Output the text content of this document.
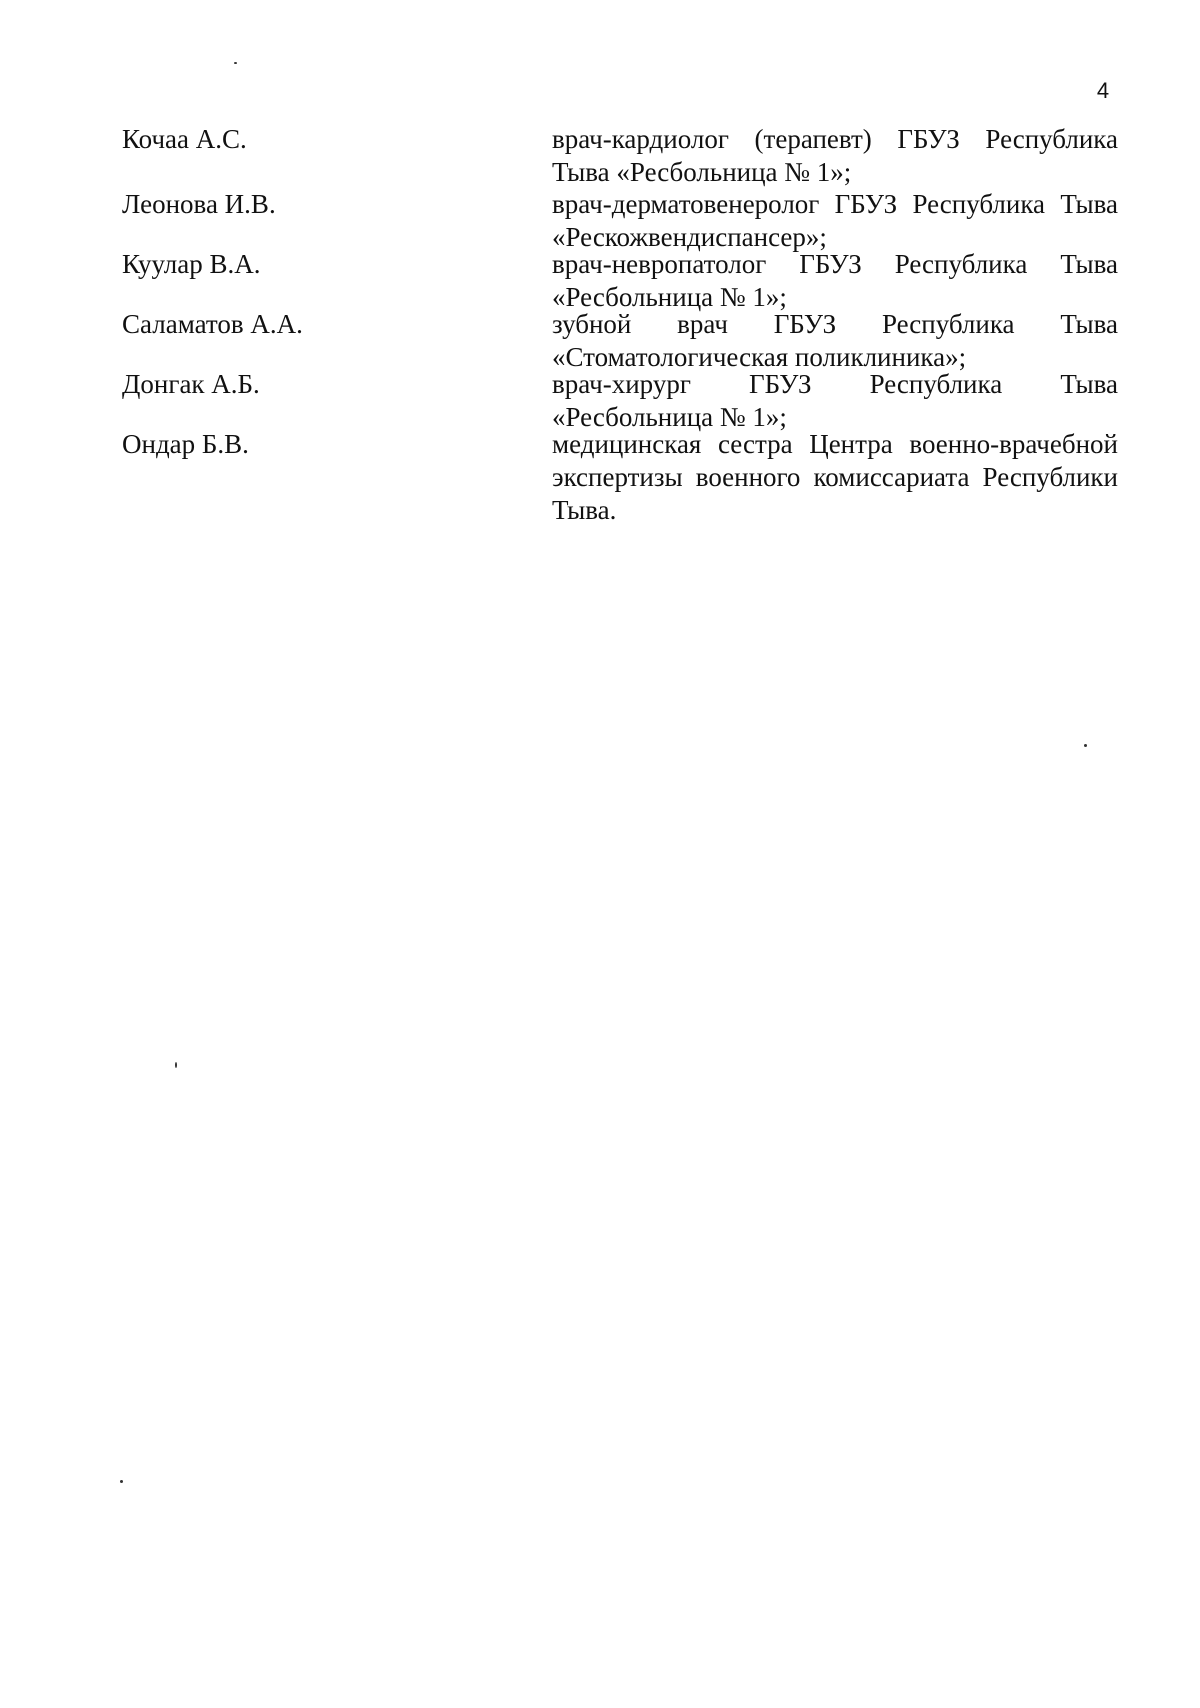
4
Кочаа А.С.	врач-кардиолог (терапевт) ГБУЗ Республика Тыва «Ресбольница № 1»;
Леонова И.В.	врач-дерматовенеролог ГБУЗ Республика Тыва «Рескожвендиспансер»;
Куулар В.А.	врач-невропатолог ГБУЗ Республика Тыва «Ресбольница № 1»;
Саламатов А.А.	зубной врач ГБУЗ Республика Тыва «Стоматологическая поликлиника»;
Донгак А.Б.	врач-хирург ГБУЗ Республика Тыва «Ресбольница № 1»;
Ондар Б.В.	медицинская сестра Центра военно-врачебной экспертизы военного комиссариата Республики Тыва.
